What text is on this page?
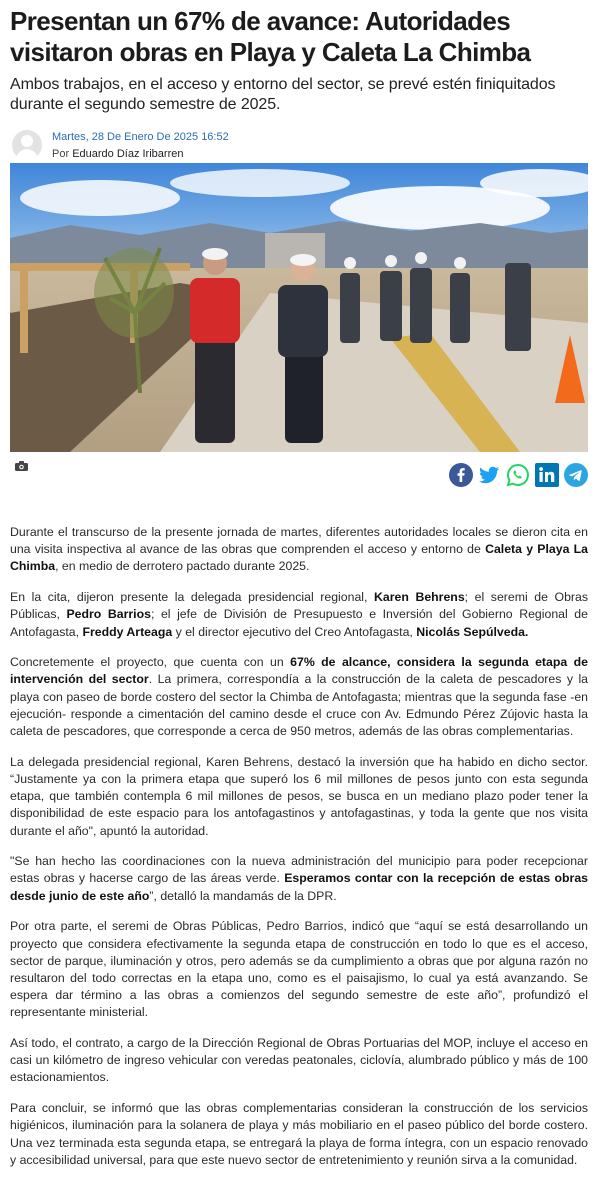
Presentan un 67% de avance: Autoridades visitaron obras en Playa y Caleta La Chimba
Ambos trabajos, en el acceso y entorno del sector, se prevé estén finiquitados durante el segundo semestre de 2025.
Martes, 28 De Enero De 2025 16:52
Por Eduardo Díaz Iribarren

Durante el transcurso de la presente jornada de martes, diferentes autoridades locales se dieron cita en una visita inspectiva al avance de las obras que comprenden el acceso y entorno de Caleta y Playa La Chimba, en medio de derrotero pactado durante 2025.

En la cita, dijeron presente la delegada presidencial regional, Karen Behrens; el seremi de Obras Públicas, Pedro Barrios; el jefe de División de Presupuesto e Inversión del Gobierno Regional de Antofagasta, Freddy Arteaga y el director ejecutivo del Creo Antofagasta, Nicolás Sepúlveda.

Concretemente el proyecto, que cuenta con un 67% de alcance, considera la segunda etapa de intervención del sector. La primera, correspondía a la construcción de la caleta de pescadores y la playa con paseo de borde costero del sector la Chimba de Antofagasta; mientras que la segunda fase -en ejecución- responde a cimentación del camino desde el cruce con Av. Edmundo Pérez Zújovic hasta la caleta de pescadores, que corresponde a cerca de 950 metros, además de las obras complementarias.

La delegada presidencial regional, Karen Behrens, destacó la inversión que ha habido en dicho sector. “Justamente ya con la primera etapa que superó los 6 mil millones de pesos junto con esta segunda etapa, que también contempla 6 mil millones de pesos, se busca en un mediano plazo poder tener la disponibilidad de este espacio para los antofagastinos y antofagastinas, y toda la gente que nos visita durante el año", apuntó la autoridad.

"Se han hecho las coordinaciones con la nueva administración del municipio para poder recepcionar estas obras y hacerse cargo de las áreas verde. Esperamos contar con la recepción de estas obras desde junio de este año”, detalló la mandamás de la DPR.

Por otra parte, el seremi de Obras Públicas, Pedro Barrios, indicó que “aquí se está desarrollando un proyecto que considera efectivamente la segunda etapa de construcción en todo lo que es el acceso, sector de parque, iluminación y otros, pero además se da cumplimiento a obras que por alguna razón no resultaron del todo correctas en la etapa uno, como es el paisajismo, lo cual ya está avanzando. Se espera dar término a las obras a comienzos del segundo semestre de este año”, profundizó el representante ministerial.

Así todo, el contrato, a cargo de la Dirección Regional de Obras Portuarias del MOP, incluye el acceso en casi un kilómetro de ingreso vehicular con veredas peatonales, ciclovía, alumbrado público y más de 100 estacionamientos.

Para concluir, se informó que las obras complementarias consideran la construcción de los servicios higiénicos, iluminación para la solanera de playa y más mobiliario en el paseo público del borde costero. Una vez terminada esta segunda etapa, se entregará la playa de forma íntegra, con un espacio renovado y accesibilidad universal, para que este nuevo sector de entretenimiento y reunión sirva a la comunidad.
